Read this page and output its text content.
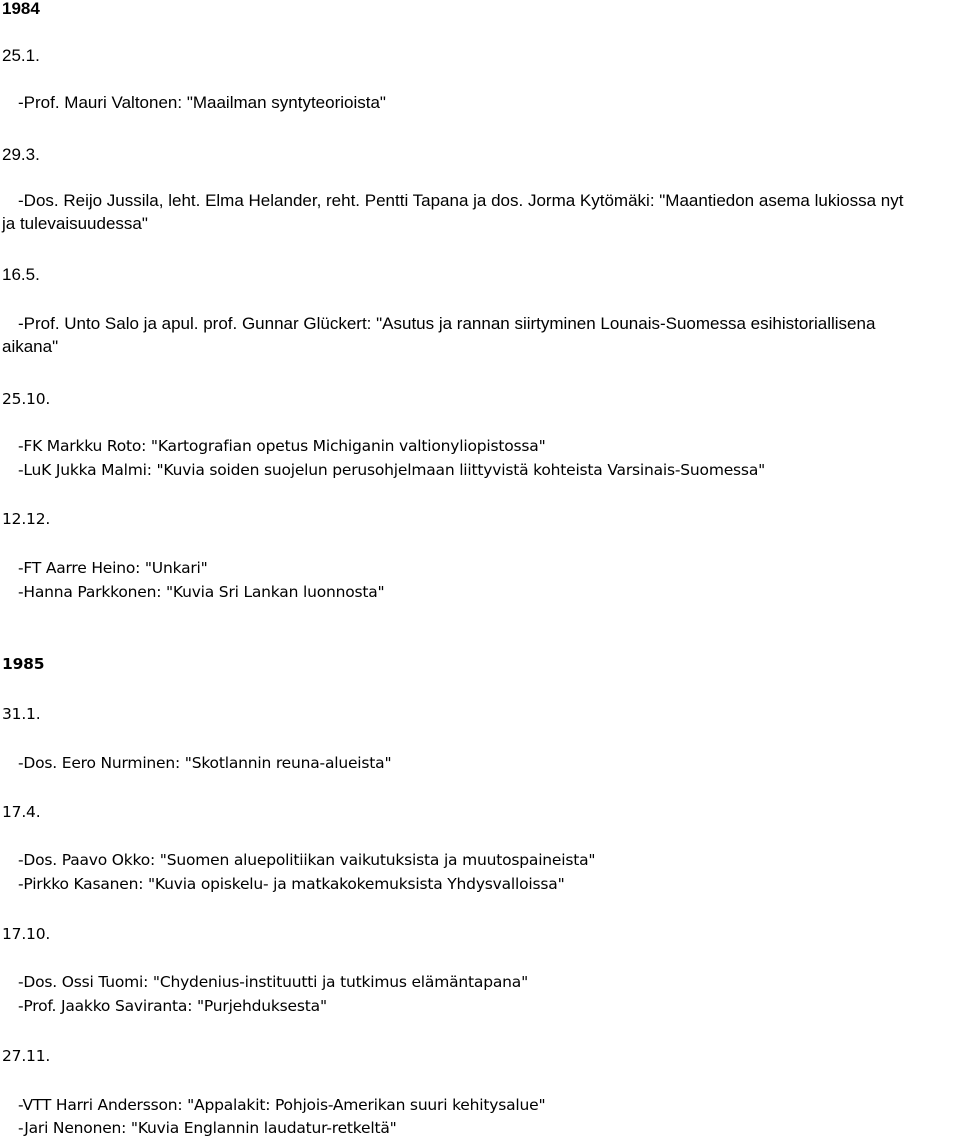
1984
25.1.
-Prof. Mauri Valtonen: "Maailman syntyteorioista"
29.3.
-Dos. Reijo Jussila, leht. Elma Helander, reht. Pentti Tapana ja dos. Jorma Kytömäki: "Maantiedon asema lukiossa nyt
ja tulevaisuudessa"
16.5.
-Prof. Unto Salo ja apul. prof. Gunnar Glückert: "Asutus ja rannan siirtyminen Lounais-Suomessa esihistoriallisena
aikana"
25.10.
-FK Markku Roto: "Kartografian opetus Michiganin valtionyliopistossa"
-LuK Jukka Malmi: "Kuvia soiden suojelun perusohjelmaan liittyvistä kohteista Varsinais-Suomessa"
12.12.
-FT Aarre Heino: "Unkari"
-Hanna Parkkonen: "Kuvia Sri Lankan luonnosta"
1985
31.1.
-Dos. Eero Nurminen: "Skotlannin reuna-alueista"
17.4.
-Dos. Paavo Okko: "Suomen aluepolitiikan vaikutuksista ja muutospaineista"
-Pirkko Kasanen: "Kuvia opiskelu- ja matkakokemuksista Yhdysvalloissa"
17.10.
-Dos. Ossi Tuomi: "Chydenius-instituutti ja tutkimus elämäntapana"
-Prof. Jaakko Saviranta: "Purjehduksesta"
27.11.
-VTT Harri Andersson: "Appalakit: Pohjois-Amerikan suuri kehitysalue"
-Jari Nenonen: "Kuvia Englannin laudatur-retkeltä"
